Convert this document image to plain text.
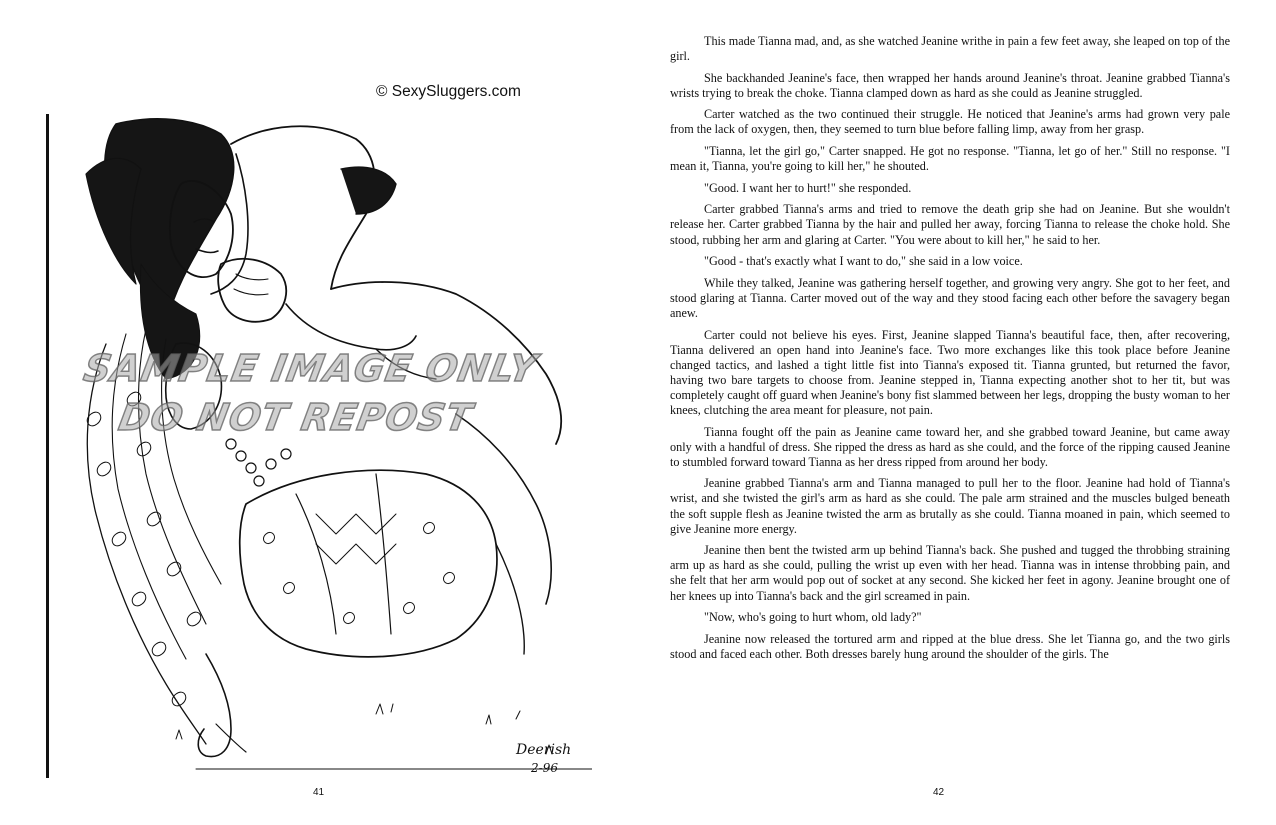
© SexySluggers.com
Deerish
2-96
SAMPLE IMAGE ONLY
DO NOT REPOST
41

This made Tianna mad, and, as she watched Jeanine writhe in pain a few feet away, she leaped on top of the girl.

She backhanded Jeanine's face, then wrapped her hands around Jeanine's throat. Jeanine grabbed Tianna's wrists trying to break the choke. Tianna clamped down as hard as she could as Jeanine struggled.

Carter watched as the two continued their struggle. He noticed that Jeanine's arms had grown very pale from the lack of oxygen, then, they seemed to turn blue before falling limp, away from her grasp.

"Tianna, let the girl go," Carter snapped. He got no response. "Tianna, let go of her." Still no response. "I mean it, Tianna, you're going to kill her," he shouted.

"Good. I want her to hurt!" she responded.

Carter grabbed Tianna's arms and tried to remove the death grip she had on Jeanine. But she wouldn't release her. Carter grabbed Tianna by the hair and pulled her away, forcing Tianna to release the choke hold. She stood, rubbing her arm and glaring at Carter. "You were about to kill her," he said to her.

"Good - that's exactly what I want to do," she said in a low voice.

While they talked, Jeanine was gathering herself together, and growing very angry. She got to her feet, and stood glaring at Tianna. Carter moved out of the way and they stood facing each other before the savagery began anew.

Carter could not believe his eyes. First, Jeanine slapped Tianna's beautiful face, then, after recovering, Tianna delivered an open hand into Jeanine's face. Two more exchanges like this took place before Jeanine changed tactics, and lashed a tight little fist into Tianna's exposed tit. Tianna grunted, but returned the favor, having two bare targets to choose from. Jeanine stepped in, Tianna expecting another shot to her tit, but was completely caught off guard when Jeanine's bony fist slammed between her legs, dropping the busty woman to her knees, clutching the area meant for pleasure, not pain.

Tianna fought off the pain as Jeanine came toward her, and she grabbed toward Jeanine, but came away only with a handful of dress. She ripped the dress as hard as she could, and the force of the ripping caused Jeanine to stumbled forward toward Tianna as her dress ripped from around her body.

Jeanine grabbed Tianna's arm and Tianna managed to pull her to the floor. Jeanine had hold of Tianna's wrist, and she twisted the girl's arm as hard as she could. The pale arm strained and the muscles bulged beneath the soft supple flesh as Jeanine twisted the arm as brutally as she could. Tianna moaned in pain, which seemed to give Jeanine more energy.

Jeanine then bent the twisted arm up behind Tianna's back. She pushed and tugged the throbbing straining arm up as hard as she could, pulling the wrist up even with her head. Tianna was in intense throbbing pain, and she felt that her arm would pop out of socket at any second. She kicked her feet in agony. Jeanine brought one of her knees up into Tianna's back and the girl screamed in pain.

"Now, who's going to hurt whom, old lady?"

Jeanine now released the tortured arm and ripped at the blue dress. She let Tianna go, and the two girls stood and faced each other. Both dresses barely hung around the shoulder of the girls. The

42
